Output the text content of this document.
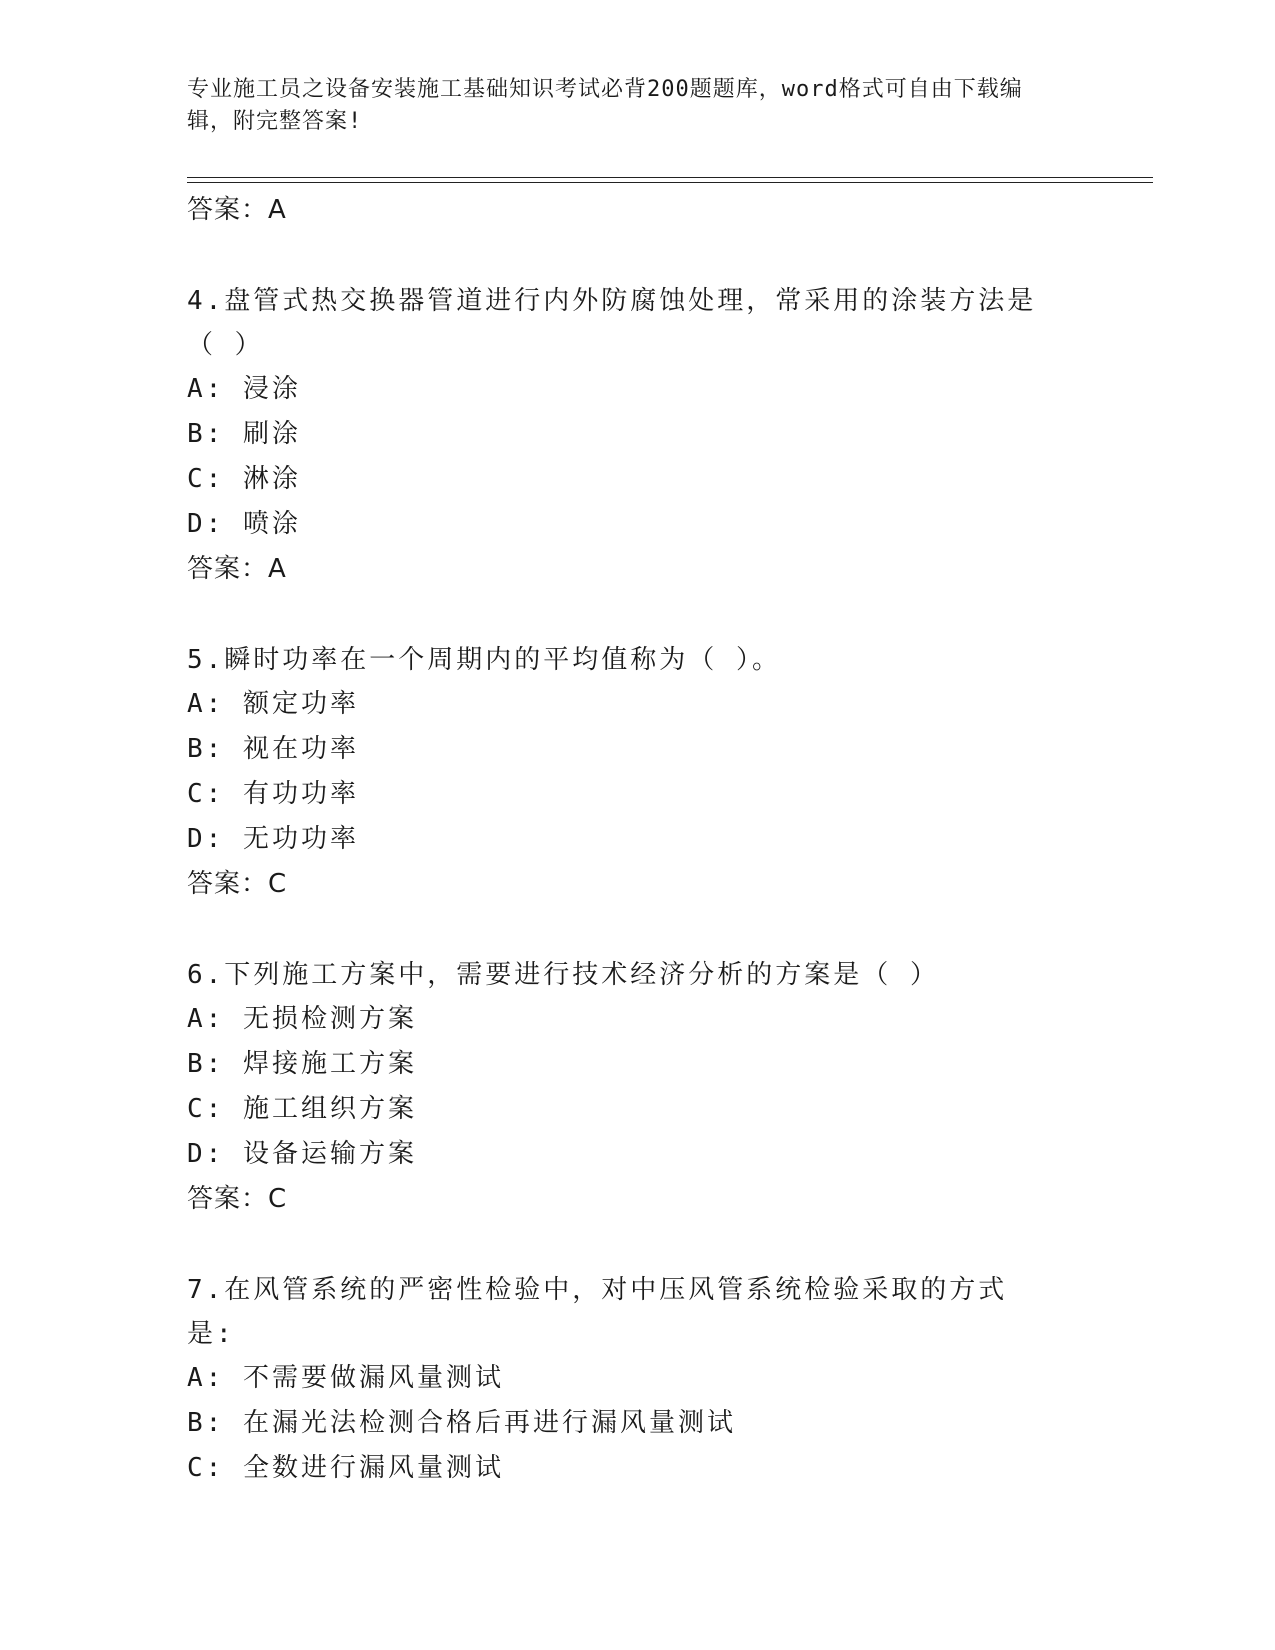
专业施工员之设备安装施工基础知识考试必背200题题库，word格式可自由下载编辑，附完整答案!
答案：A
4.盘管式热交换器管道进行内外防腐蚀处理，常采用的涂装方法是（ ）
A: 浸涂
B: 刷涂
C: 淋涂
D: 喷涂
答案：A
5.瞬时功率在一个周期内的平均值称为（ ）。
A: 额定功率
B: 视在功率
C: 有功功率
D: 无功功率
答案：C
6.下列施工方案中，需要进行技术经济分析的方案是（ ）
A: 无损检测方案
B: 焊接施工方案
C: 施工组织方案
D: 设备运输方案
答案：C
7.在风管系统的严密性检验中，对中压风管系统检验采取的方式是:
A: 不需要做漏风量测试
B: 在漏光法检测合格后再进行漏风量测试
C: 全数进行漏风量测试
